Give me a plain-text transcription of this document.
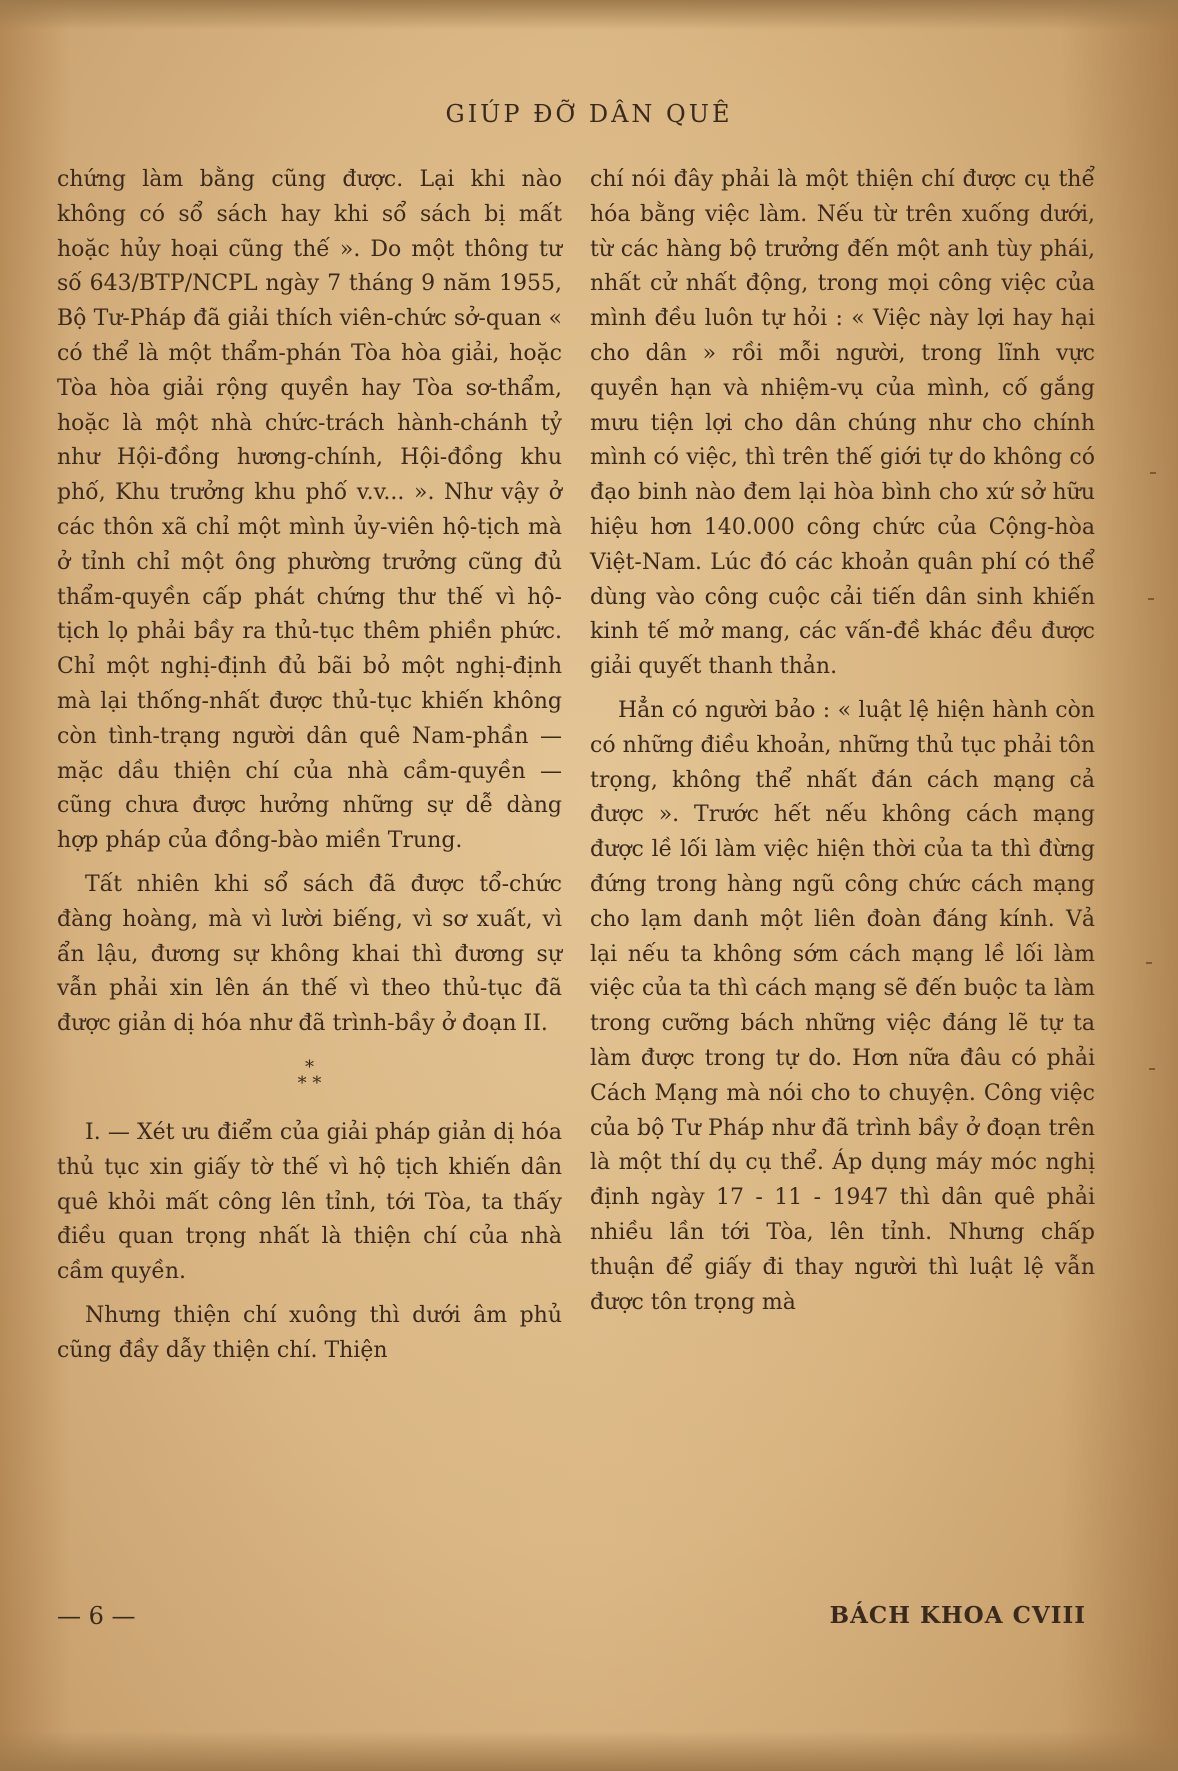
GIÚP ĐỠ DÂN QUÊ

chứng làm bằng cũng được. Lại khi nào không có sổ sách hay khi sổ sách bị mất hoặc hủy hoại cũng thế ». Do một thông tư số 643/BTP/NCPL ngày 7 tháng 9 năm 1955, Bộ Tư-Pháp đã giải thích viên-chức sở-quan « có thể là một thẩm-phán Tòa hòa giải, hoặc Tòa hòa giải rộng quyền hay Tòa sơ-thẩm, hoặc là một nhà chức-trách hành-chánh tỷ như Hội-đồng hương-chính, Hội-đồng khu phố, Khu trưởng khu phố v.v... ». Như vậy ở các thôn xã chỉ một mình ủy-viên hộ-tịch mà ở tỉnh chỉ một ông phường trưởng cũng đủ thẩm-quyền cấp phát chứng thư thế vì hộ-tịch lọ phải bầy ra thủ-tục thêm phiền phức. Chỉ một nghị-định đủ bãi bỏ một nghị-định mà lại thống-nhất được thủ-tục khiến không còn tình-trạng người dân quê Nam-phần — mặc dầu thiện chí của nhà cầm-quyền — cũng chưa được hưởng những sự dễ dàng hợp pháp của đồng-bào miền Trung.

Tất nhiên khi sổ sách đã được tổ-chức đàng hoàng, mà vì lười biếng, vì sơ xuất, vì ẩn lậu, đương sự không khai thì đương sự vẫn phải xin lên án thế vì theo thủ-tục đã được giản dị hóa như đã trình-bầy ở đoạn II.

*
* *

I. — Xét ưu điểm của giải pháp giản dị hóa thủ tục xin giấy tờ thế vì hộ tịch khiến dân quê khỏi mất công lên tỉnh, tới Tòa, ta thấy điều quan trọng nhất là thiện chí của nhà cầm quyền.

Nhưng thiện chí xuông thì dưới âm phủ cũng đầy dẫy thiện chí. Thiện

chí nói đây phải là một thiện chí được cụ thể hóa bằng việc làm. Nếu từ trên xuống dưới, từ các hàng bộ trưởng đến một anh tùy phái, nhất cử nhất động, trong mọi công việc của mình đều luôn tự hỏi : « Việc này lợi hay hại cho dân » rồi mỗi người, trong lĩnh vực quyền hạn và nhiệm-vụ của mình, cố gắng mưu tiện lợi cho dân chúng như cho chính mình có việc, thì trên thế giới tự do không có đạo binh nào đem lại hòa bình cho xứ sở hữu hiệu hơn 140.000 công chức của Cộng-hòa Việt-Nam. Lúc đó các khoản quân phí có thể dùng vào công cuộc cải tiến dân sinh khiến kinh tế mở mang, các vấn-đề khác đều được giải quyết thanh thản.

Hẳn có người bảo : « luật lệ hiện hành còn có những điều khoản, những thủ tục phải tôn trọng, không thể nhất đán cách mạng cả được ». Trước hết nếu không cách mạng được lề lối làm việc hiện thời của ta thì đừng đứng trong hàng ngũ công chức cách mạng cho lạm danh một liên đoàn đáng kính. Vả lại nếu ta không sớm cách mạng lề lối làm việc của ta thì cách mạng sẽ đến buộc ta làm trong cưỡng bách những việc đáng lẽ tự ta làm được trong tự do. Hơn nữa đâu có phải Cách Mạng mà nói cho to chuyện. Công việc của bộ Tư Pháp như đã trình bầy ở đoạn trên là một thí dụ cụ thể. Áp dụng máy móc nghị định ngày 17 - 11 - 1947 thì dân quê phải nhiều lần tới Tòa, lên tỉnh. Nhưng chấp thuận để giấy đi thay người thì luật lệ vẫn được tôn trọng mà

— 6 —	BÁCH KHOA CVIII
